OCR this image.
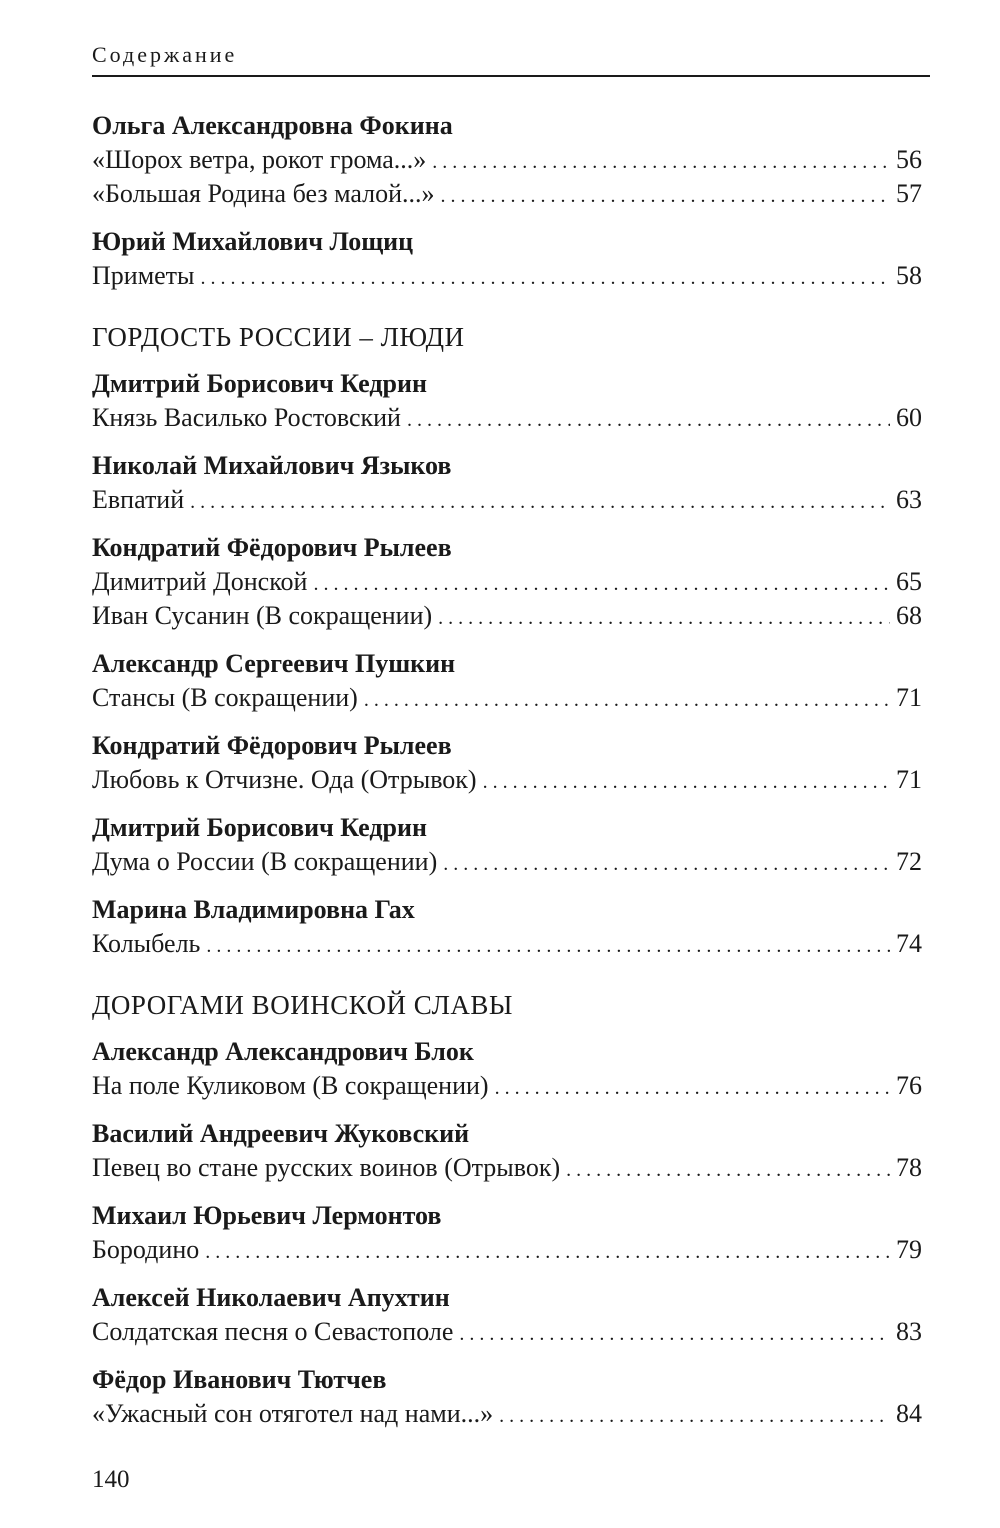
Содержание
Ольга Александровна Фокина
«Шорох ветра, рокот грома...» . . .	56
«Большая Родина без малой...» . . .	57
Юрий Михайлович Лощиц
Приметы . . .	58
ГОРДОСТЬ РОССИИ – ЛЮДИ
Дмитрий Борисович Кедрин
Князь Василько Ростовский . . .	60
Николай Михайлович Языков
Евпатий . . .	63
Кондратий Фёдорович Рылеев
Димитрий Донской . . .	65
Иван Сусанин (В сокращении) . . .	68
Александр Сергеевич Пушкин
Стансы (В сокращении) . . .	71
Кондратий Фёдорович Рылеев
Любовь к Отчизне. Ода (Отрывок) . . .	71
Дмитрий Борисович Кедрин
Дума о России (В сокращении) . . .	72
Марина Владимировна Гах
Колыбель . . .	74
ДОРОГАМИ ВОИНСКОЙ СЛАВЫ
Александр Александрович Блок
На поле Куликовом (В сокращении) . . .	76
Василий Андреевич Жуковский
Певец во стане русских воинов (Отрывок) . . .	78
Михаил Юрьевич Лермонтов
Бородино . . .	79
Алексей Николаевич Апухтин
Солдатская песня о Севастополе . . .	83
Фёдор Иванович Тютчев
«Ужасный сон отяготел над нами...» . . .	84
140
